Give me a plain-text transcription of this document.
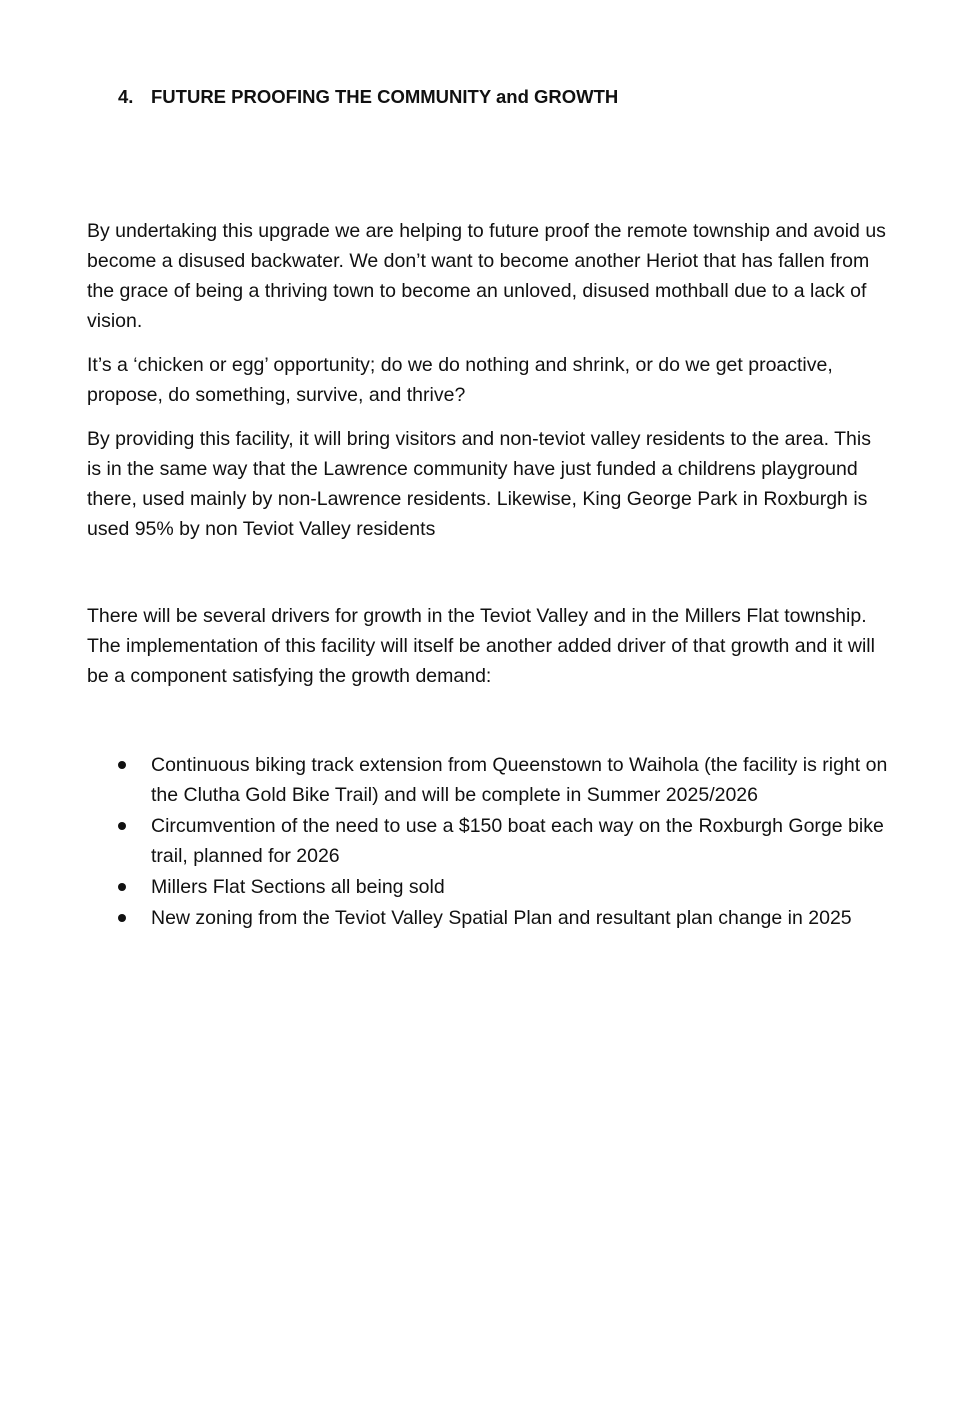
4. FUTURE PROOFING THE COMMUNITY and GROWTH

By undertaking this upgrade we are helping to future proof the remote township and avoid us become a disused backwater. We don’t want to become another Heriot that has fallen from the grace of being a thriving town to become an unloved, disused mothball due to a lack of vision.

It’s a ‘chicken or egg’ opportunity; do we do nothing and shrink, or do we get proactive, propose, do something, survive, and thrive?

By providing this facility, it will bring visitors and non-teviot valley residents to the area. This is in the same way that the Lawrence community have just funded a childrens playground there, used mainly by non-Lawrence residents. Likewise, King George Park in Roxburgh is used 95% by non Teviot Valley residents

There will be several drivers for growth in the Teviot Valley and in the Millers Flat township. The implementation of this facility will itself be another added driver of that growth and it will be a component satisfying the growth demand:

Continuous biking track extension from Queenstown to Waihola (the facility is right on the Clutha Gold Bike Trail) and will be complete in Summer 2025/2026
Circumvention of the need to use a $150 boat each way on the Roxburgh Gorge bike trail, planned for 2026
Millers Flat Sections all being sold
New zoning from the Teviot Valley Spatial Plan and resultant plan change in 2025
